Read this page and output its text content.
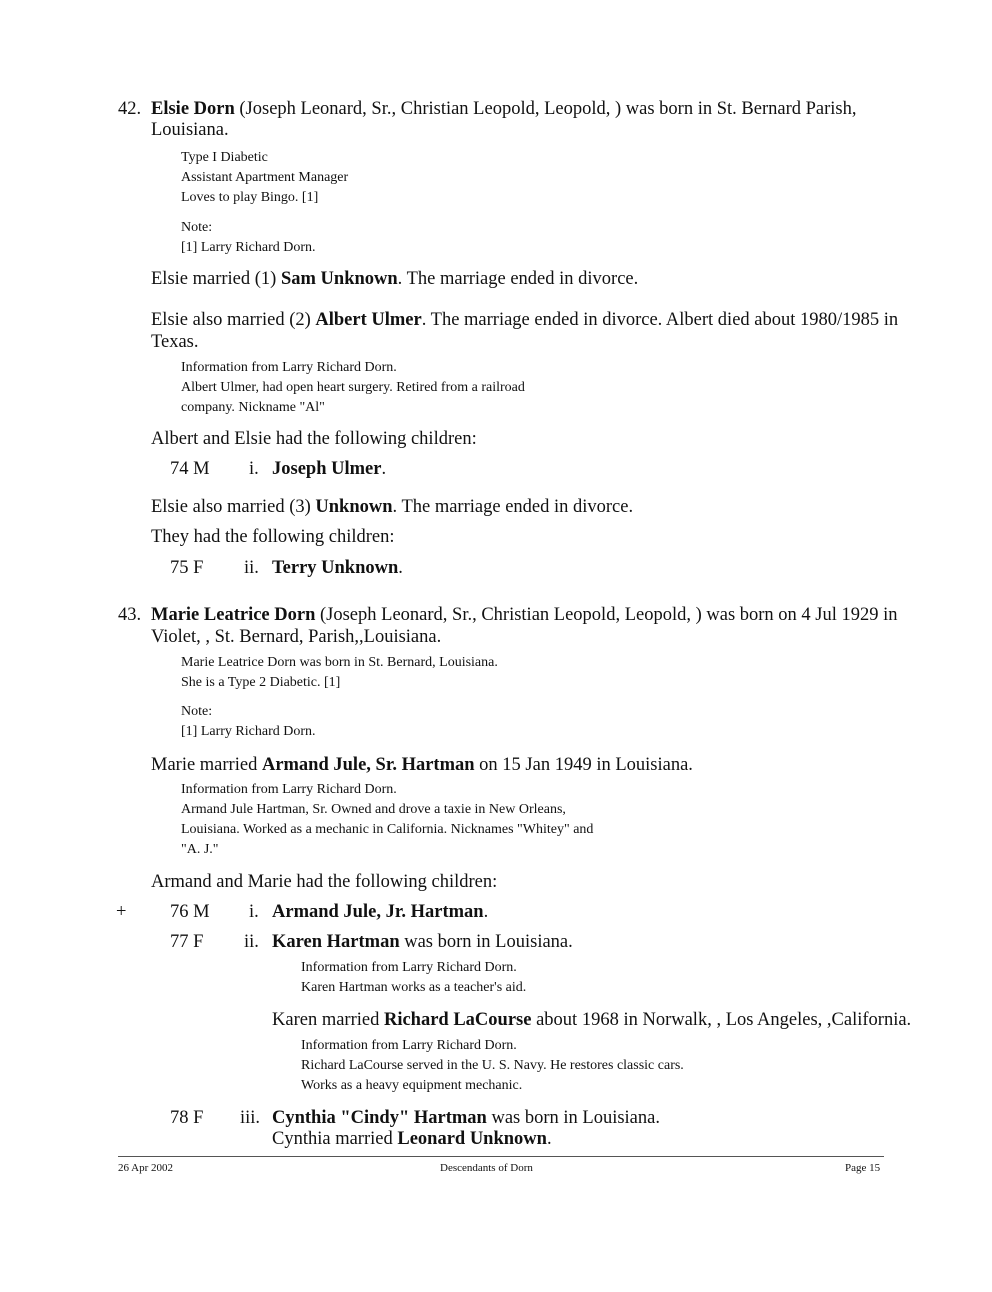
42. Elsie Dorn (Joseph Leonard, Sr., Christian Leopold, Leopold, ) was born in St. Bernard Parish,
Louisiana.
Type I Diabetic
Assistant Apartment Manager
Loves to play Bingo. [1]
Note:
[1] Larry Richard Dorn.
Elsie married (1) Sam Unknown. The marriage ended in divorce.
Elsie also married (2) Albert Ulmer. The marriage ended in divorce. Albert died about 1980/1985 in
Texas.
Information from Larry Richard Dorn.
Albert Ulmer, had open heart surgery. Retired from a railroad
company. Nickname "Al"
Albert and Elsie had the following children:
74 M i. Joseph Ulmer.
Elsie also married (3) Unknown. The marriage ended in divorce.
They had the following children:
75 F ii. Terry Unknown.
43. Marie Leatrice Dorn (Joseph Leonard, Sr., Christian Leopold, Leopold, ) was born on 4 Jul 1929 in
Violet, , St. Bernard, Parish,,Louisiana.
Marie Leatrice Dorn was born in St. Bernard, Louisiana.
She is a Type 2 Diabetic. [1]
Note:
[1] Larry Richard Dorn.
Marie married Armand Jule, Sr. Hartman on 15 Jan 1949 in Louisiana.
Information from Larry Richard Dorn.
Armand Jule Hartman, Sr. Owned and drove a taxie in New Orleans,
Louisiana. Worked as a mechanic in California. Nicknames "Whitey" and
"A. J."
Armand and Marie had the following children:
+ 76 M i. Armand Jule, Jr. Hartman.
77 F ii. Karen Hartman was born in Louisiana.
Information from Larry Richard Dorn.
Karen Hartman works as a teacher's aid.
Karen married Richard LaCourse about 1968 in Norwalk, , Los Angeles, ,California.
Information from Larry Richard Dorn.
Richard LaCourse served in the U. S. Navy. He restores classic cars.
Works as a heavy equipment mechanic.
78 F iii. Cynthia "Cindy" Hartman was born in Louisiana.
Cynthia married Leonard Unknown.
26 Apr 2002	Descendants of Dorn	Page 15
